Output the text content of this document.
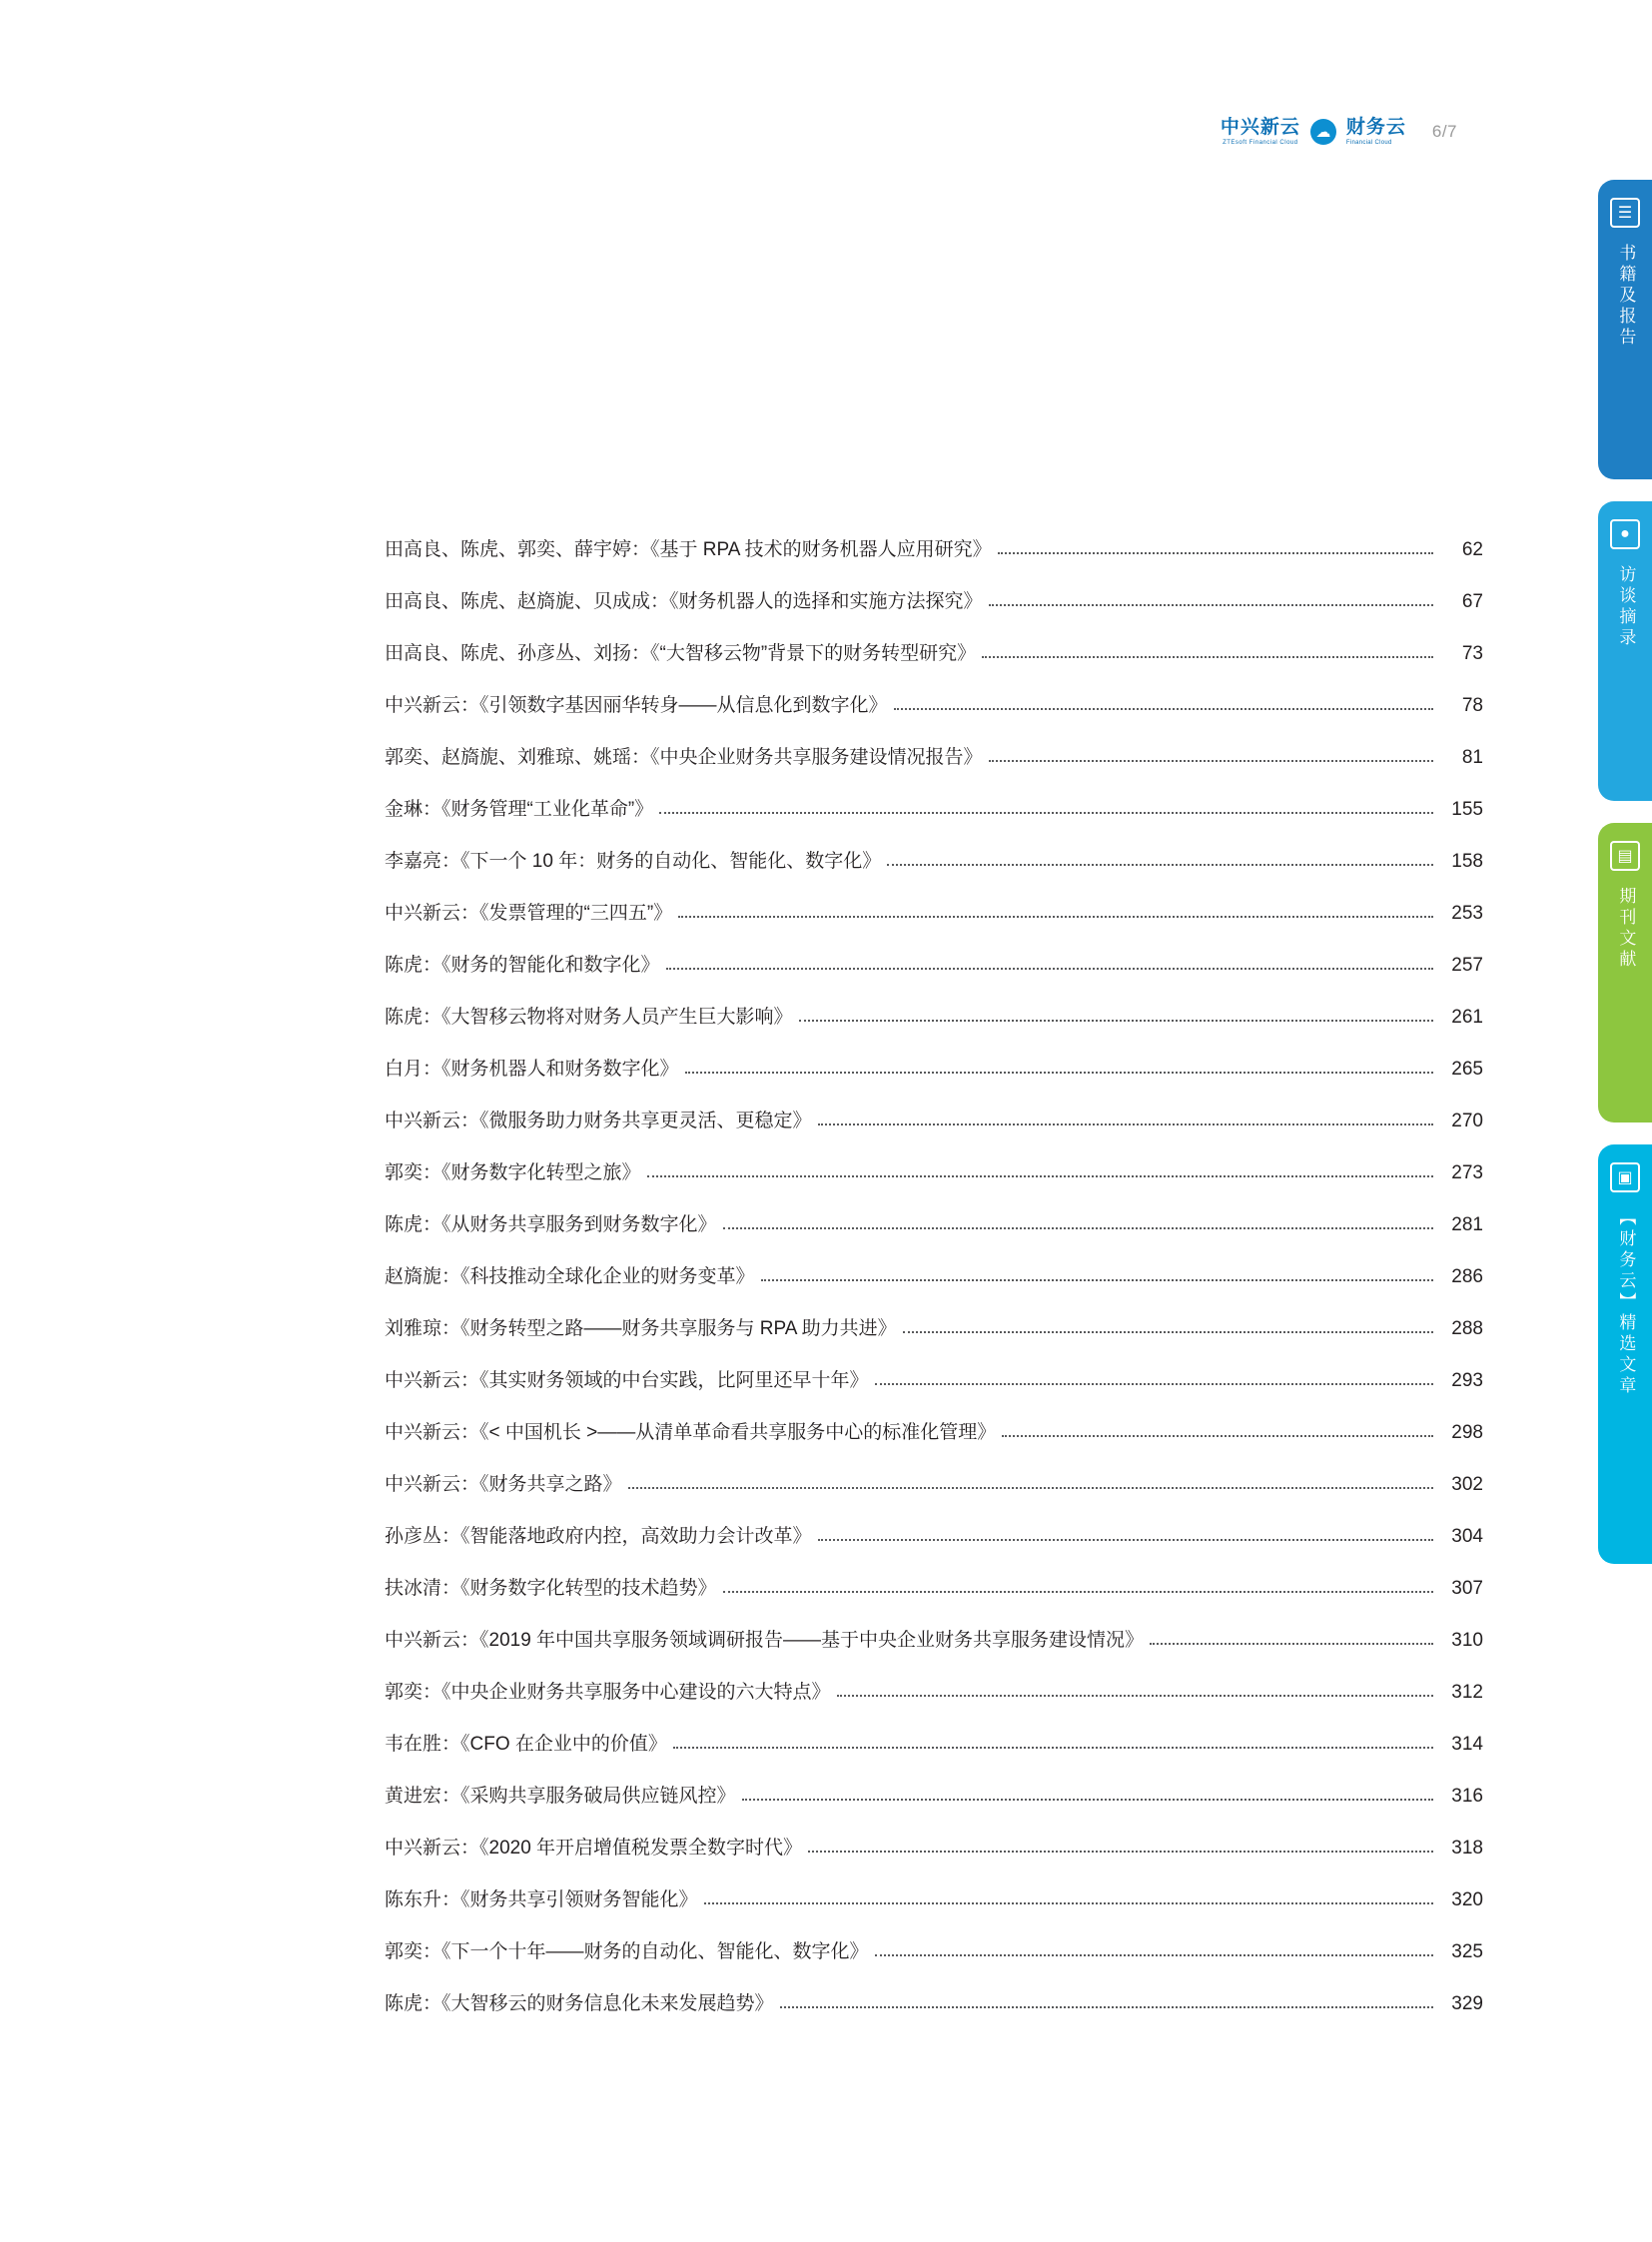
中兴新云
ZTEsoft Financial Cloud
☁ 财务云
Financial Cloud
6/7
☰
书籍及报告
●
访谈摘录
▤
期刊文献
▣
【财务云】精选文章
田高良、陈虎、郭奕、薛宇婷：《基于 RPA 技术的财务机器人应用研究》	62
田高良、陈虎、赵旖旎、贝成成：《财务机器人的选择和实施方法探究》	67
田高良、陈虎、孙彦丛、刘扬：《“大智移云物”背景下的财务转型研究》	73
中兴新云：《引领数字基因丽华转身——从信息化到数字化》	78
郭奕、赵旖旎、刘雅琼、姚瑶：《中央企业财务共享服务建设情况报告》	81
金琳：《财务管理“工业化革命”》	155
李嘉亮：《下一个 10 年：财务的自动化、智能化、数字化》	158
中兴新云：《发票管理的“三四五”》	253
陈虎：《财务的智能化和数字化》	257
陈虎：《大智移云物将对财务人员产生巨大影响》	261
白月：《财务机器人和财务数字化》	265
中兴新云：《微服务助力财务共享更灵活、更稳定》	270
郭奕：《财务数字化转型之旅》	273
陈虎：《从财务共享服务到财务数字化》	281
赵旖旎：《科技推动全球化企业的财务变革》	286
刘雅琼：《财务转型之路——财务共享服务与 RPA 助力共进》	288
中兴新云：《其实财务领域的中台实践，比阿里还早十年》	293
中兴新云：《< 中国机长 >——从清单革命看共享服务中心的标准化管理》	298
中兴新云：《财务共享之路》	302
孙彦丛：《智能落地政府内控，高效助力会计改革》	304
扶冰清：《财务数字化转型的技术趋势》	307
中兴新云：《2019 年中国共享服务领域调研报告——基于中央企业财务共享服务建设情况》	310
郭奕：《中央企业财务共享服务中心建设的六大特点》	312
韦在胜：《CFO 在企业中的价值》	314
黄进宏：《采购共享服务破局供应链风控》	316
中兴新云：《2020 年开启增值税发票全数字时代》	318
陈东升：《财务共享引领财务智能化》	320
郭奕：《下一个十年——财务的自动化、智能化、数字化》	325
陈虎：《大智移云的财务信息化未来发展趋势》	329
